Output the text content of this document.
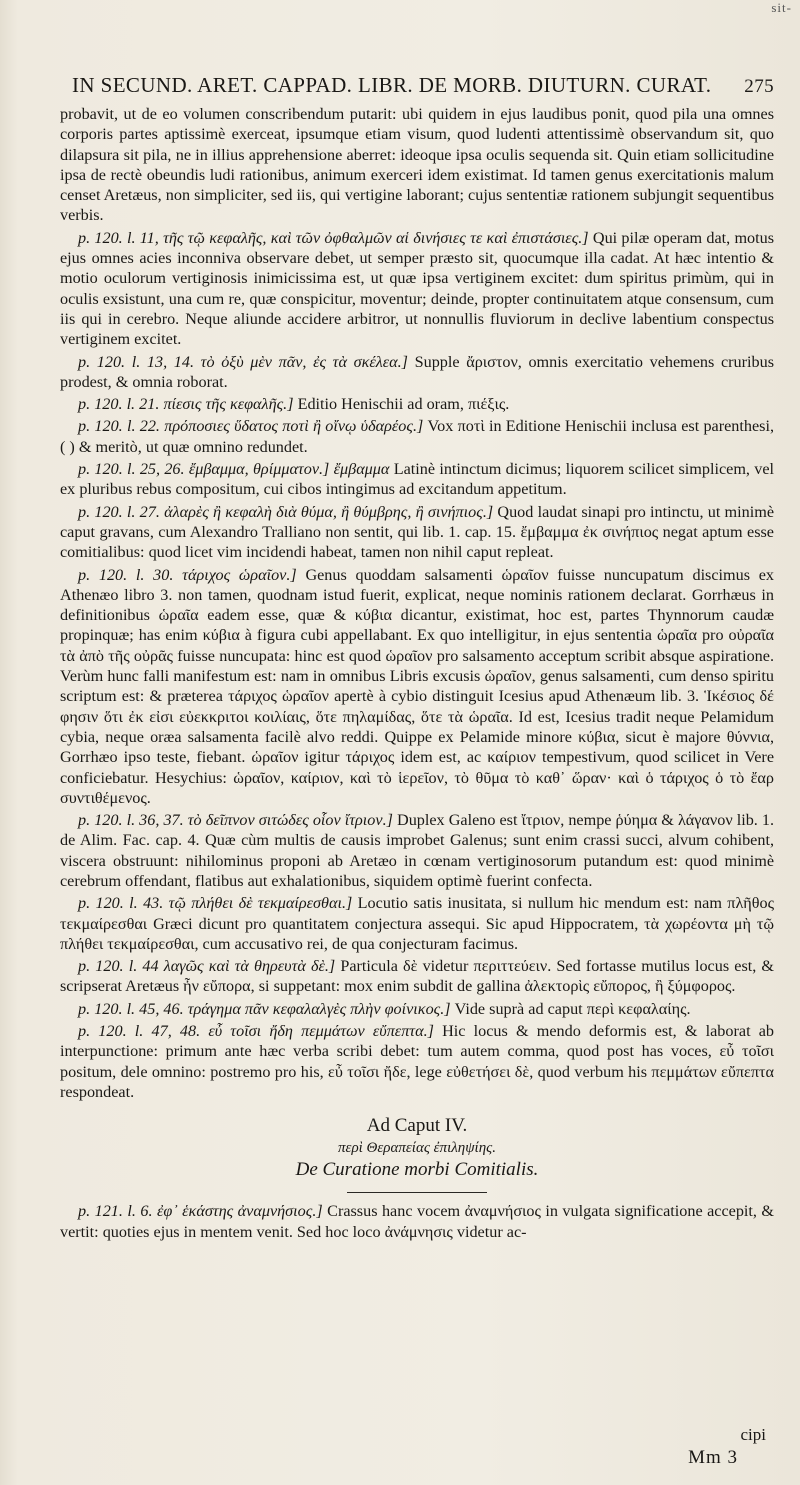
sit-
IN SECUND. ARET. CAPPAD. LIBR. DE MORB. DIUTURN. CURAT. 275

probavit, ut de eo volumen conscribendum putarit: ubi quidem in ejus laudibus ponit, quod pila una omnes corporis partes aptissimè exerceat, ipsumque etiam visum, quod ludenti attentissimè observandum sit, quo dilapsura sit pila, ne in illius apprehensione aberret: ideoque ipsa oculis sequenda sit. Quin etiam sollicitudine ipsa de rectè obeundis ludi rationibus, animum exerceri idem existimat. Id tamen genus exercitationis malum censet Aretæus, non simpliciter, sed iis, qui vertigine laborant; cujus sententiæ rationem subjungit sequentibus verbis.

p. 120. l. 11, τῆς τῷ κεφαλῆς, καὶ τῶν ὀφθαλμῶν αἱ δινήσιες τε καὶ ἐπιστάσιες.] Qui pilæ operam dat, motus ejus omnes acies inconniva observare debet, ut semper præsto sit, quocumque illa cadat. At hæc intentio & motio oculorum vertiginosis inimicissima est, ut quæ ipsa vertiginem excitet: dum spiritus primùm, qui in oculis exsistunt, una cum re, quæ conspicitur, moventur; deinde, propter continuitatem atque consensum, cum iis qui in cerebro. Neque aliunde accidere arbitror, ut nonnullis fluviorum in declive labentium conspectus vertiginem excitet.

p. 120. l. 13, 14. τὸ ὀξὺ μὲν πᾶν, ἐς τὰ σκέλεα.] Supple ἄριστον, omnis exercitatio vehemens cruribus prodest, & omnia roborat.

p. 120. l. 21. πίεσις τῆς κεφαλῆς.] Editio Henischii ad oram, πιέξις.

p. 120. l. 22. πρόποσιες ὕδατος ποτὶ ἢ οἴνῳ ὑδαρέος.] Vox ποτὶ in Editione Henischii inclusa est parenthesi, ( ) & meritò, ut quæ omnino redundet.

p. 120. l. 25, 26. ἔμβαμμα, θρίμματον.] ἔμβαμμα Latinè intinctum dicimus; liquorem scilicet simplicem, vel ex pluribus rebus compositum, cui cibos intingimus ad excitandum appetitum.

p. 120. l. 27. ἀλαρὲς ἢ κεφαλὴ διὰ θύμα, ἢ θύμβρης, ἢ σινήπιος.] Quod laudat sinapi pro intinctu, ut minimè caput gravans, cum Alexandro Tralliano non sentit, qui lib. 1. cap. 15. ἔμβαμμα ἐκ σινήπιος negat aptum esse comitialibus: quod licet vim incidendi habeat, tamen non nihil caput repleat.

p. 120. l. 30. τάριχος ὡραῖον.] Genus quoddam salsamenti ὡραῖον fuisse nuncupatum discimus ex Athenæo libro 3. non tamen, quodnam istud fuerit, explicat, neque nominis rationem declarat. Gorrhæus in definitionibus ὡραῖα eadem esse, quæ & κύβια dicantur, existimat, hoc est, partes Thynnorum caudæ propinquæ; has enim κύβια à figura cubi appellabant. Ex quo intelligitur, in ejus sententia ὡραῖα pro οὐραῖα τὰ ἀπὸ τῆς οὐρᾶς fuisse nuncupata: hinc est quod ὡραῖον pro salsamento acceptum scribit absque aspiratione. Verùm hunc falli manifestum est: nam in omnibus Libris excusis ὡραῖον, genus salsamenti, cum denso spiritu scriptum est: & præterea τάριχος ὡραῖον apertè à cybio distinguit Icesius apud Athenæum lib. 3. Ἱκέσιος δέ φησιν ὅτι ἐκ εἰσι εὐεκκριτοι κοιλίαις, ὅτε πηλαμίδας, ὅτε τὰ ὡραῖα. Id est, Icesius tradit neque Pelamidum cybia, neque oræa salsamenta facilè alvo reddi. Quippe ex Pelamide minore κύβια, sicut è majore θύννια, Gorrhæo ipso teste, fiebant. ὡραῖον igitur τάριχος idem est, ac καίριον tempestivum, quod scilicet in Vere conficiebatur. Hesychius: ὡραῖον, καίριον, καὶ τὸ ἱερεῖον, τὸ θῦμα τὸ καθ᾽ ὥραν· καὶ ὁ τάριχος ὁ τὸ ἔαρ συντιθέμενος.

p. 120. l. 36, 37. τὸ δεῖπνον σιτώδες οἷον ἴτριον.] Duplex Galeno est ἴτριον, nempe ῥύημα & λάγανον lib. 1. de Alim. Fac. cap. 4. Quæ cùm multis de causis improbet Galenus; sunt enim crassi succi, alvum cohibent, viscera obstruunt: nihilominus proponi ab Aretæo in cœnam vertiginosorum putandum est: quod minimè cerebrum offendant, flatibus aut exhalationibus, siquidem optimè fuerint confecta.

p. 120. l. 43. τῷ πλήθει δὲ τεκμαίρεσθαι.] Locutio satis inusitata, si nullum hic mendum est: nam πλῆθος τεκμαίρεσθαι Græci dicunt pro quantitatem conjectura assequi. Sic apud Hippocratem, τὰ χωρέοντα μὴ τῷ πλήθει τεκμαίρεσθαι, cum accusativo rei, de qua conjecturam facimus.

p. 120. l. 44 λαγῶς καὶ τὰ θηρευτὰ δὲ.] Particula δὲ videtur περιττεύειν. Sed fortasse mutilus locus est, & scripserat Aretæus ἦν εὔπορα, si suppetant: mox enim subdit de gallina ἀλεκτορὶς εὔπορος, ἢ ξύμφορος.

p. 120. l. 45, 46. τράγημα πᾶν κεφαλαλγὲς πλὴν φοίνικος.] Vide suprà ad caput περὶ κεφαλαίης.

p. 120. l. 47, 48. εὖ τοῖσι ἤδη πεμμάτων εὔπεπτα.] Hic locus & mendo deformis est, & laborat ab interpunctione: primum ante hæc verba scribi debet: tum autem comma, quod post has voces, εὖ τοῖσι positum, dele omnino: postremo pro his, εὖ τοῖσι ἤδε, lege εὐθετήσει δὲ, quod verbum his πεμμάτων εὔπεπτα respondeat.

Ad Caput IV.
περὶ Θεραπείας ἐπιληψίης.
De Curatione morbi Comitialis.

p. 121. l. 6. ἐφ᾽ ἑκάστης ἀναμνήσιος.] Crassus hanc vocem ἀναμνήσιος in vulgata significatione accepit, & vertit: quoties ejus in mentem venit. Sed hoc loco ἀνάμνησις videtur ac-

cipi
Mm 3
